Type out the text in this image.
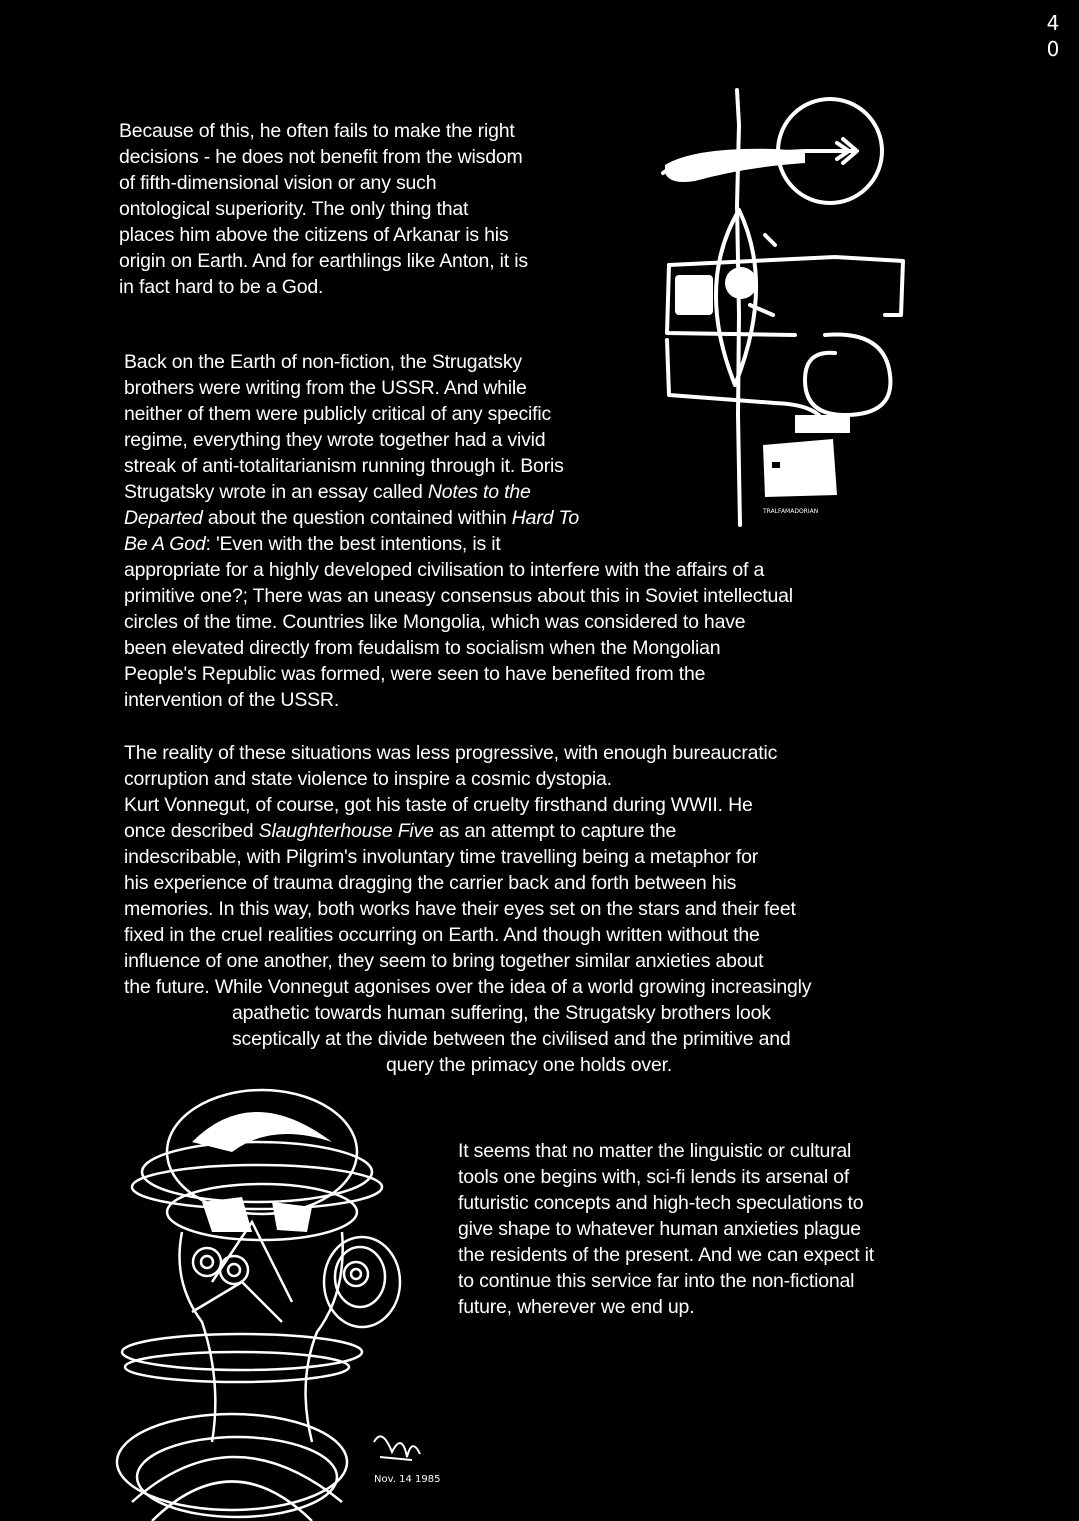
4
0

Because of this, he often fails to make the right
decisions - he does not benefit from the wisdom
of fifth-dimensional vision or any such
ontological superiority. The only thing that
places him above the citizens of Arkanar is his
origin on Earth. And for earthlings like Anton, it is
in fact hard to be a God.

Back on the Earth of non-fiction, the Strugatsky
brothers were writing from the USSR. And while
neither of them were publicly critical of any specific
regime, everything they wrote together had a vivid
streak of anti-totalitarianism running through it. Boris
Strugatsky wrote in an essay called Notes to the
Departed about the question contained within Hard To
Be A God: 'Even with the best intentions, is it
appropriate for a highly developed civilisation to interfere with the affairs of a
primitive one?; There was an uneasy consensus about this in Soviet intellectual
circles of the time. Countries like Mongolia, which was considered to have
been elevated directly from feudalism to socialism when the Mongolian
People's Republic was formed, were seen to have benefited from the
intervention of the USSR.

The reality of these situations was less progressive, with enough bureaucratic
corruption and state violence to inspire a cosmic dystopia.
Kurt Vonnegut, of course, got his taste of cruelty firsthand during WWII. He
once described Slaughterhouse Five as an attempt to capture the
indescribable, with Pilgrim's involuntary time travelling being a metaphor for
his experience of trauma dragging the carrier back and forth between his
memories. In this way, both works have their eyes set on the stars and their feet
fixed in the cruel realities occurring on Earth. And though written without the
influence of one another, they seem to bring together similar anxieties about
the future. While Vonnegut agonises over the idea of a world growing increasingly
apathetic towards human suffering, the Strugatsky brothers look
sceptically at the divide between the civilised and the primitive and
query the primacy one holds over.

It seems that no matter the linguistic or cultural
tools one begins with, sci-fi lends its arsenal of
futuristic concepts and high-tech speculations to
give shape to whatever human anxieties plague
the residents of the present. And we can expect it
to continue this service far into the non-fictional
future, wherever we end up.

TRALFAMADORIAN
Nov. 14 1985
